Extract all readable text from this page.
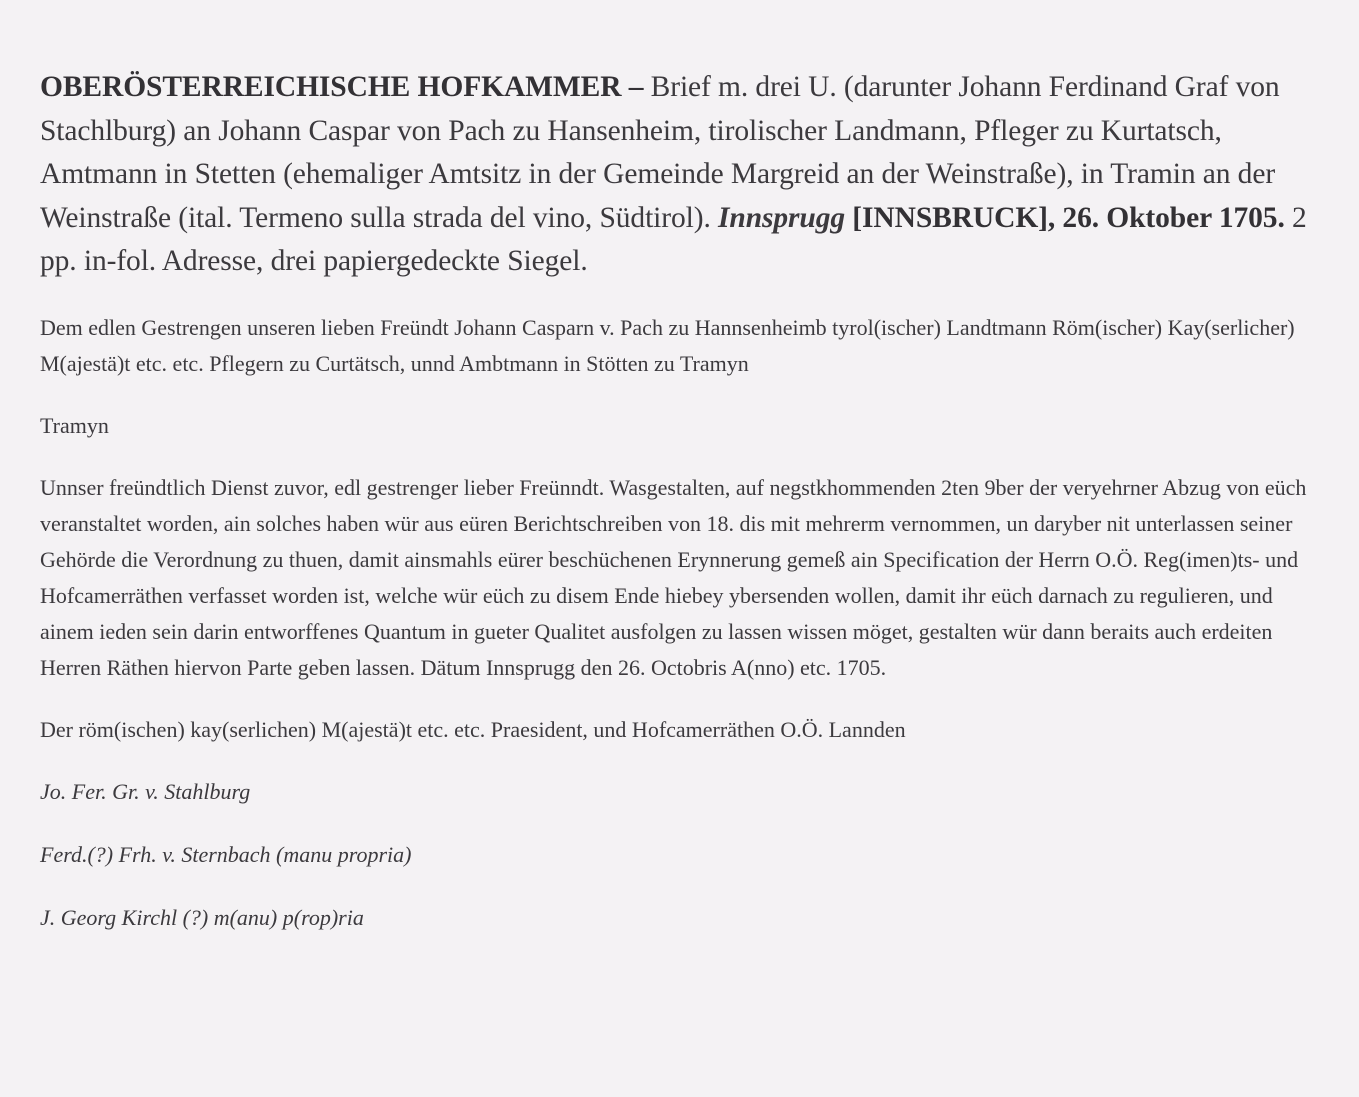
OBERÖSTERREICHISCHE HOFKAMMER – Brief m. drei U. (darunter Johann Ferdinand Graf von Stachlburg) an Johann Caspar von Pach zu Hansenheim, tirolischer Landmann, Pfleger zu Kurtatsch, Amtmann in Stetten (ehemaliger Amtsitz in der Gemeinde Margreid an der Weinstraße), in Tramin an der Weinstraße (ital. Termeno sulla strada del vino, Südtirol). Innsprugg [INNSBRUCK], 26. Oktober 1705. 2 pp. in-fol. Adresse, drei papiergedeckte Siegel.
Dem edlen Gestrengen unseren lieben Freündt Johann Casparn v. Pach zu Hannsenheimb tyrol(ischer) Landtmann Röm(ischer) Kay(serlicher) M(ajestä)t etc. etc. Pflegern zu Curtätsch, unnd Ambtmann in Stötten zu Tramyn
Tramyn
Unnser freündtlich Dienst zuvor, edl gestrenger lieber Freünndt. Wasgestalten, auf negstkhommenden 2ten 9ber der veryehrner Abzug von eüch veranstaltet worden, ain solches haben wür aus eüren Berichtschreiben von 18. dis mit mehrerm vernommen, un daryber nit unterlassen seiner Gehörde die Verordnung zu thuen, damit ainsmahls eürer beschüchenen Erynnerung gemeß ain Specification der Herrn O.Ö. Reg(imen)ts- und Hofcamerräthen verfasset worden ist, welche wür eüch zu disem Ende hiebey ybersenden wollen, damit ihr eüch darnach zu regulieren, und ainem ieden sein darin entworffenes Quantum in gueter Qualitet ausfolgen zu lassen wissen möget, gestalten wür dann beraits auch erdeiten Herren Räthen hiervon Parte geben lassen. Dätum Innsprugg den 26. Octobris A(nno) etc. 1705.
Der röm(ischen) kay(serlichen) M(ajestä)t etc. etc. Praesident, und Hofcamerräthen O.Ö. Lannden
Jo. Fer. Gr. v. Stahlburg
Ferd.(?) Frh. v. Sternbach (manu propria)
J. Georg Kirchl (?) m(anu) p(rop)ria
